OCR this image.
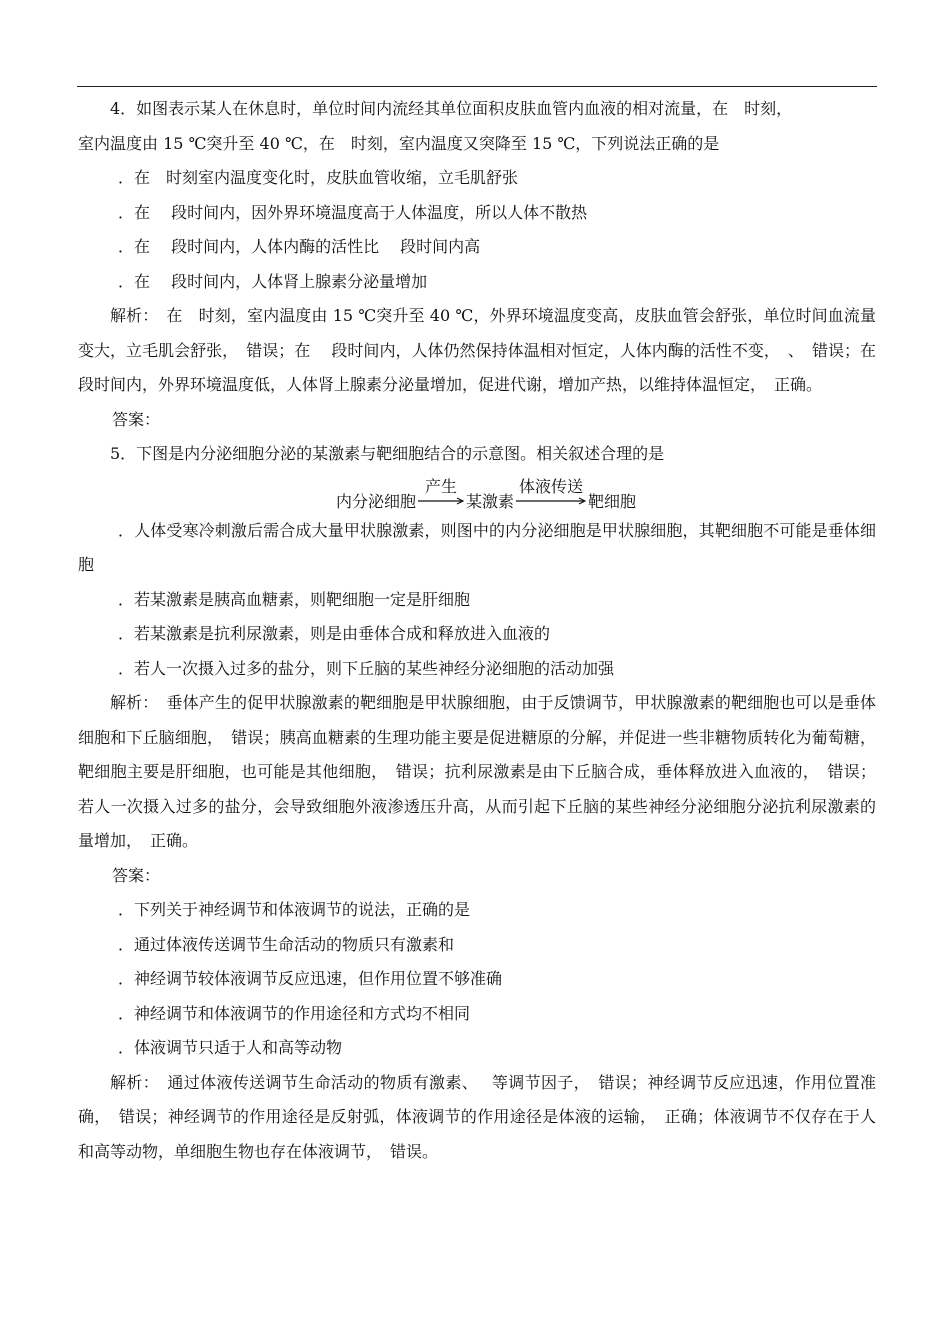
4．如图表示某人在休息时，单位时间内流经其单位面积皮肤血管内血液的相对流量，在　时刻，

室内温度由 15 ℃突升至 40 ℃，在　时刻，室内温度又突降至 15 ℃，下列说法正确的是

．在　时刻室内温度变化时，皮肤血管收缩，立毛肌舒张

．在　 段时间内，因外界环境温度高于人体温度，所以人体不散热

．在　 段时间内，人体内酶的活性比　 段时间内高

．在　 段时间内，人体肾上腺素分泌量增加

解析：　在　时刻，室内温度由 15 ℃突升至 40 ℃，外界环境温度变高，皮肤血管会舒张，单位时间血流量变大，立毛肌会舒张，　错误；在　 段时间内，人体仍然保持体温相对恒定，人体内酶的活性不变，　、　错误；在　 段时间内，外界环境温度低，人体肾上腺素分泌量增加，促进代谢，增加产热，以维持体温恒定，　正确。

答案：

5．下图是内分泌细胞分泌的某激素与靶细胞结合的示意图。相关叙述合理的是

内分泌细胞
产生
某激素
体液传送
靶细胞

．人体受寒冷刺激后需合成大量甲状腺激素，则图中的内分泌细胞是甲状腺细胞，其靶细胞不可能是垂体细胞

．若某激素是胰高血糖素，则靶细胞一定是肝细胞

．若某激素是抗利尿激素，则是由垂体合成和释放进入血液的

．若人一次摄入过多的盐分，则下丘脑的某些神经分泌细胞的活动加强

解析：　垂体产生的促甲状腺激素的靶细胞是甲状腺细胞，由于反馈调节，甲状腺激素的靶细胞也可以是垂体细胞和下丘脑细胞，　错误；胰高血糖素的生理功能主要是促进糖原的分解，并促进一些非糖物质转化为葡萄糖，靶细胞主要是肝细胞，也可能是其他细胞，　错误；抗利尿激素是由下丘脑合成，垂体释放进入血液的，　错误；若人一次摄入过多的盐分，会导致细胞外液渗透压升高，从而引起下丘脑的某些神经分泌细胞分泌抗利尿激素的量增加，　正确。

答案：

．下列关于神经调节和体液调节的说法，正确的是

．通过体液传送调节生命活动的物质只有激素和

．神经调节较体液调节反应迅速，但作用位置不够准确

．神经调节和体液调节的作用途径和方式均不相同

．体液调节只适于人和高等动物

解析：　通过体液传送调节生命活动的物质有激素、　 等调节因子，　错误；神经调节反应迅速，作用位置准确，　错误；神经调节的作用途径是反射弧，体液调节的作用途径是体液的运输，　正确；体液调节不仅存在于人和高等动物，单细胞生物也存在体液调节，　错误。
